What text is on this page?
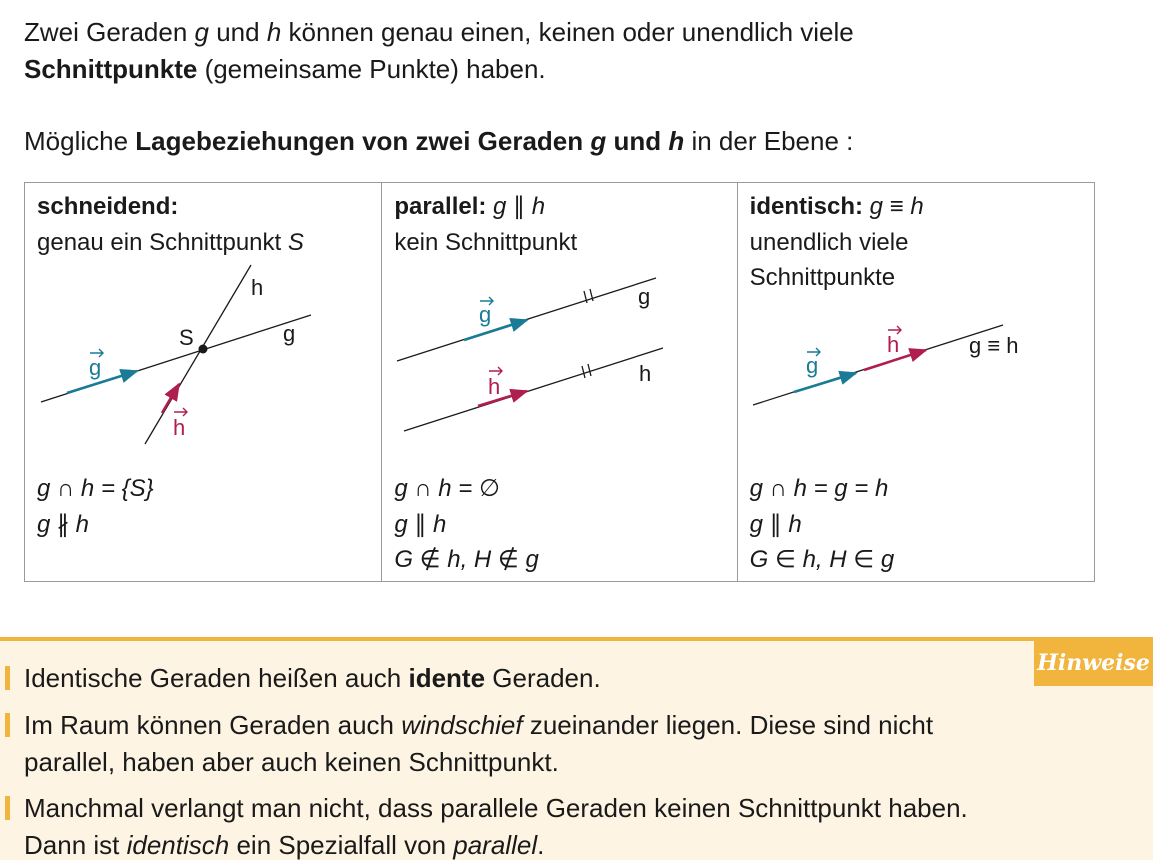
Zwei Geraden g und h können genau einen, keinen oder unendlich viele
Schnittpunkte (gemeinsame Punkte) haben.
Mögliche Lagebeziehungen von zwei Geraden g und h in der Ebene :
h
g
S
g
h
schneidend:
genau ein Schnittpunkt S
g ∩ h = {S}
g ∦ h
g
h
g
h
parallel: g ∥ h
kein Schnittpunkt
g ∩ h = ∅
g ∥ h
G ∉ h, H ∉ g
g ≡ h
g
h
identisch: g ≡ h
unendlich viele
Schnittpunkte
g ∩ h = g = h
g ∥ h
G ∈ h, H ∈ g
Hinweise
Identische Geraden heißen auch idente Geraden.
Im Raum können Geraden auch windschief zueinander liegen. Diese sind nicht
parallel, haben aber auch keinen Schnittpunkt.
Manchmal verlangt man nicht, dass parallele Geraden keinen Schnittpunkt haben.
Dann ist identisch ein Spezialfall von parallel.
